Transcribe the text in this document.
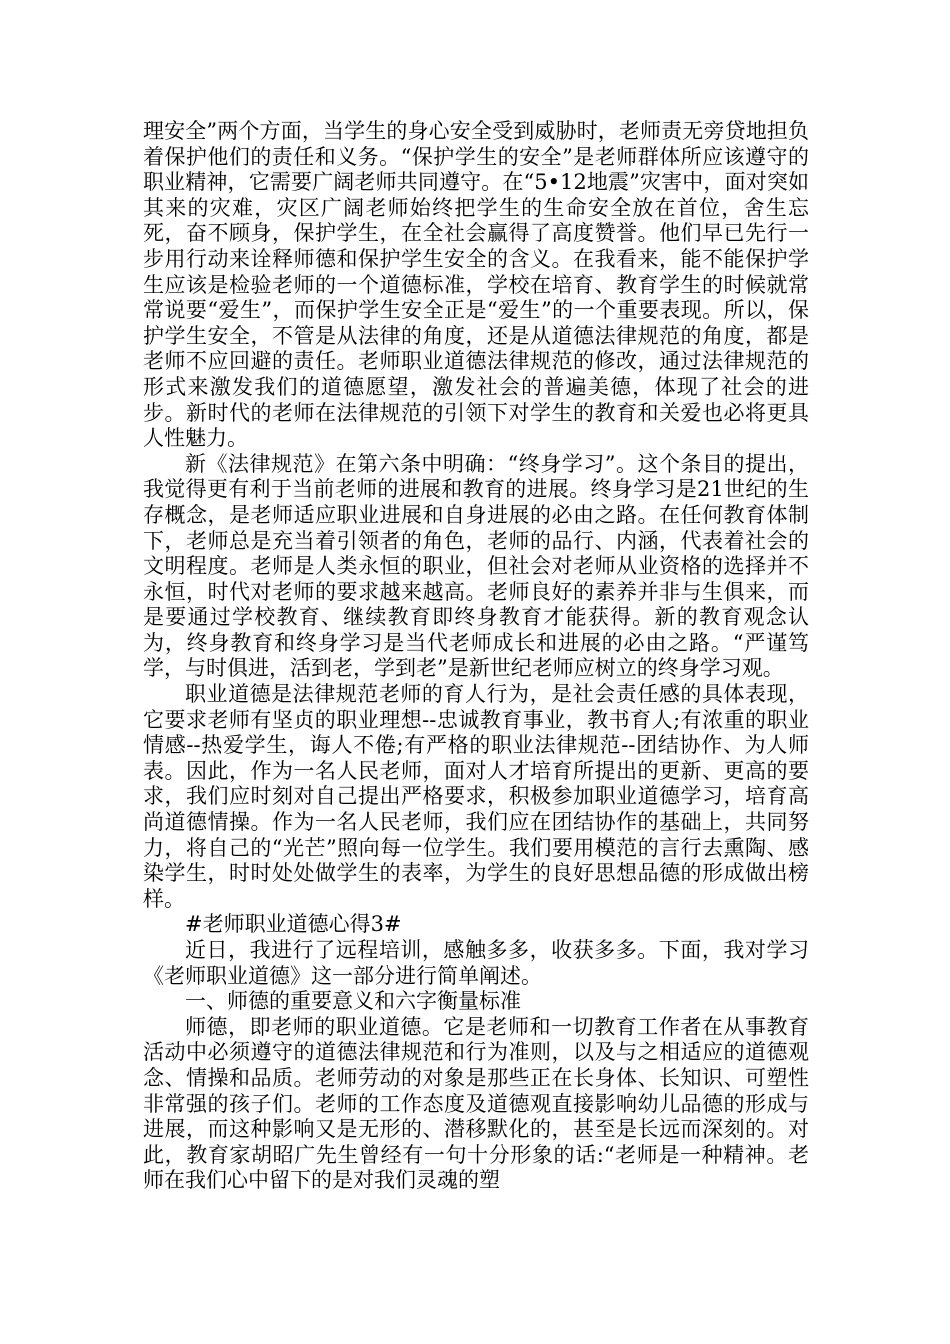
理安全”两个方面，当学生的身心安全受到威胁时，老师责无旁贷地担负着保护他们的责任和义务。“保护学生的安全”是老师群体所应该遵守的职业精神，它需要广阔老师共同遵守。在“5•12地震”灾害中，面对突如其来的灾难，灾区广阔老师始终把学生的生命安全放在首位，舍生忘死，奋不顾身，保护学生，在全社会赢得了高度赞誉。他们早已先行一步用行动来诠释师德和保护学生安全的含义。在我看来，能不能保护学生应该是检验老师的一个道德标准，学校在培育、教育学生的时候就常常说要“爱生”，而保护学生安全正是“爱生”的一个重要表现。所以，保护学生安全，不管是从法律的角度，还是从道德法律规范的角度，都是老师不应回避的责任。老师职业道德法律规范的修改，通过法律规范的形式来激发我们的道德愿望，激发社会的普遍美德，体现了社会的进步。新时代的老师在法律规范的引领下对学生的教育和关爱也必将更具人性魅力。

新《法律规范》在第六条中明确：“终身学习”。这个条目的提出，我觉得更有利于当前老师的进展和教育的进展。终身学习是21世纪的生存概念，是老师适应职业进展和自身进展的必由之路。在任何教育体制下，老师总是充当着引领者的角色，老师的品行、内涵，代表着社会的文明程度。老师是人类永恒的职业，但社会对老师从业资格的选择并不永恒，时代对老师的要求越来越高。老师良好的素养并非与生俱来，而是要通过学校教育、继续教育即终身教育才能获得。新的教育观念认为，终身教育和终身学习是当代老师成长和进展的必由之路。“严谨笃学，与时俱进，活到老，学到老”是新世纪老师应树立的终身学习观。

职业道德是法律规范老师的育人行为，是社会责任感的具体表现，它要求老师有坚贞的职业理想--忠诚教育事业，教书育人;有浓重的职业情感--热爱学生，诲人不倦;有严格的职业法律规范--团结协作、为人师表。因此，作为一名人民老师，面对人才培育所提出的更新、更高的要求，我们应时刻对自己提出严格要求，积极参加职业道德学习，培育高尚道德情操。作为一名人民老师，我们应在团结协作的基础上，共同努力，将自己的“光芒”照向每一位学生。我们要用模范的言行去熏陶、感染学生，时时处处做学生的表率，为学生的良好思想品德的形成做出榜样。

#老师职业道德心得3#

近日，我进行了远程培训，感触多多，收获多多。下面，我对学习《老师职业道德》这一部分进行简单阐述。

一、师德的重要意义和六字衡量标准

师德，即老师的职业道德。它是老师和一切教育工作者在从事教育活动中必须遵守的道德法律规范和行为准则，以及与之相适应的道德观念、情操和品质。老师劳动的对象是那些正在长身体、长知识、可塑性非常强的孩子们。老师的工作态度及道德观直接影响幼儿品德的形成与进展，而这种影响又是无形的、潜移默化的，甚至是长远而深刻的。对此，教育家胡昭广先生曾经有一句十分形象的话:“老师是一种精神。老师在我们心中留下的是对我们灵魂的塑
